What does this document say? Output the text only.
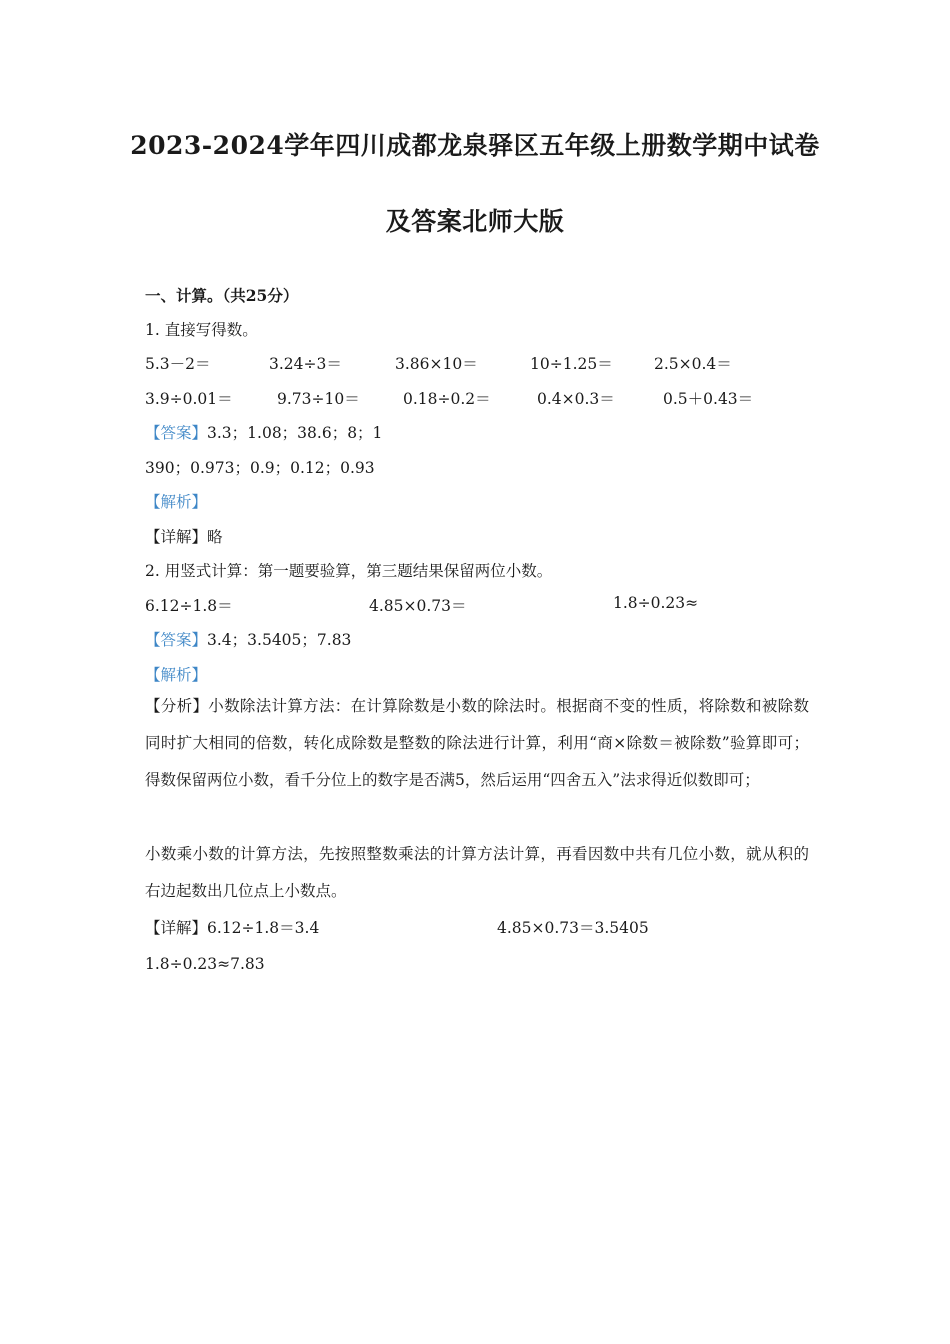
2023-2024学年四川成都龙泉驿区五年级上册数学期中试卷
及答案北师大版
一、计算。（共25分）
1. 直接写得数。
5.3－2＝	3.24÷3＝	3.86×10＝	10÷1.25＝	2.5×0.4＝
3.9÷0.01＝	9.73÷10＝	0.18÷0.2＝	0.4×0.3＝	0.5＋0.43＝
【答案】3.3；1.08；38.6；8；1
390；0.973；0.9；0.12；0.93
【解析】
【详解】略
2. 用竖式计算：第一题要验算，第三题结果保留两位小数。
6.12÷1.8＝	4.85×0.73＝	1.8÷0.23≈
【答案】3.4；3.5405；7.83
【解析】
【分析】小数除法计算方法：在计算除数是小数的除法时。根据商不变的性质，将除数和被除数同时扩大相同的倍数，转化成除数是整数的除法进行计算，利用“商×除数＝被除数”验算即可；得数保留两位小数，看千分位上的数字是否满5，然后运用“四舍五入”法求得近似数即可；
小数乘小数的计算方法，先按照整数乘法的计算方法计算，再看因数中共有几位小数，就从积的右边起数出几位点上小数点。
【详解】6.12÷1.8＝3.4	4.85×0.73＝3.5405
1.8÷0.23≈7.83
